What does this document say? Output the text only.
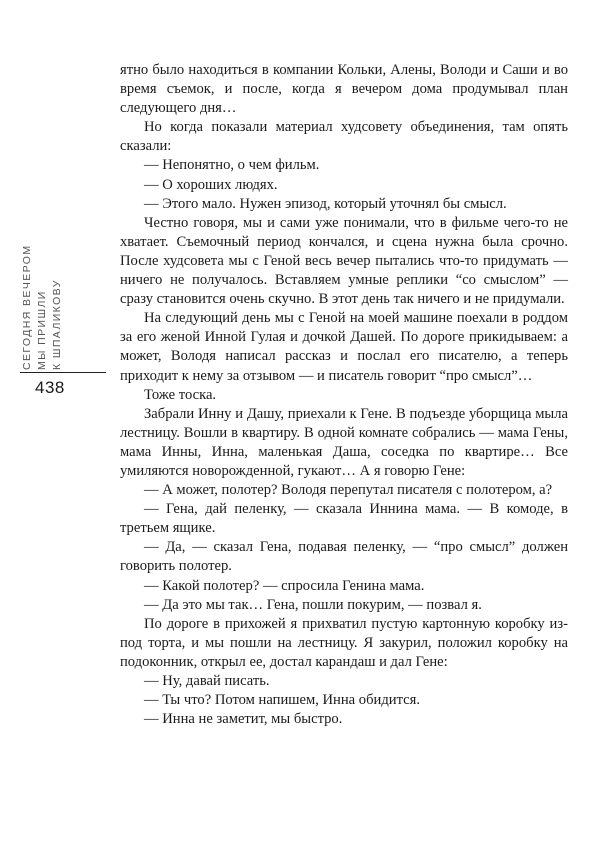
СЕГОДНЯ ВЕЧЕРОМ МЫ ПРИШЛИ К ШПАЛИКОВУ
438

ятно было находиться в компании Кольки, Алены, Володи и Саши и во время съемок, и после, когда я вечером дома продумывал план следующего дня…

Но когда показали материал худсовету объединения, там опять сказали:

— Непонятно, о чем фильм.

— О хороших людях.

— Этого мало. Нужен эпизод, который уточнял бы смысл.

Честно говоря, мы и сами уже понимали, что в фильме чего-то не хватает. Съемочный период кончался, и сцена нужна была срочно. После худсовета мы с Геной весь вечер пытались что-то придумать — ничего не получалось. Вставляем умные реплики “со смыслом” — сразу становится очень скучно. В этот день так ничего и не придумали.

На следующий день мы с Геной на моей машине поехали в роддом за его женой Инной Гулая и дочкой Дашей. По дороге прикидываем: а может, Володя написал рассказ и послал его писателю, а теперь приходит к нему за отзывом — и писатель говорит “про смысл”…

Тоже тоска.

Забрали Инну и Дашу, приехали к Гене. В подъезде уборщица мыла лестницу. Вошли в квартиру. В одной комнате собрались — мама Гены, мама Инны, Инна, маленькая Даша, соседка по квартире… Все умиляются новорожденной, гукают… А я говорю Гене:

— А может, полотер? Володя перепутал писателя с полотером, а?

— Гена, дай пеленку, — сказала Иннина мама. — В комоде, в третьем ящике.

— Да, — сказал Гена, подавая пеленку, — “про смысл” должен говорить полотер.

— Какой полотер? — спросила Генина мама.

— Да это мы так… Гена, пошли покурим, — позвал я.

По дороге в прихожей я прихватил пустую картонную коробку из-под торта, и мы пошли на лестницу. Я закурил, положил коробку на подоконник, открыл ее, достал карандаш и дал Гене:

— Ну, давай писать.

— Ты что? Потом напишем, Инна обидится.

— Инна не заметит, мы быстро.
